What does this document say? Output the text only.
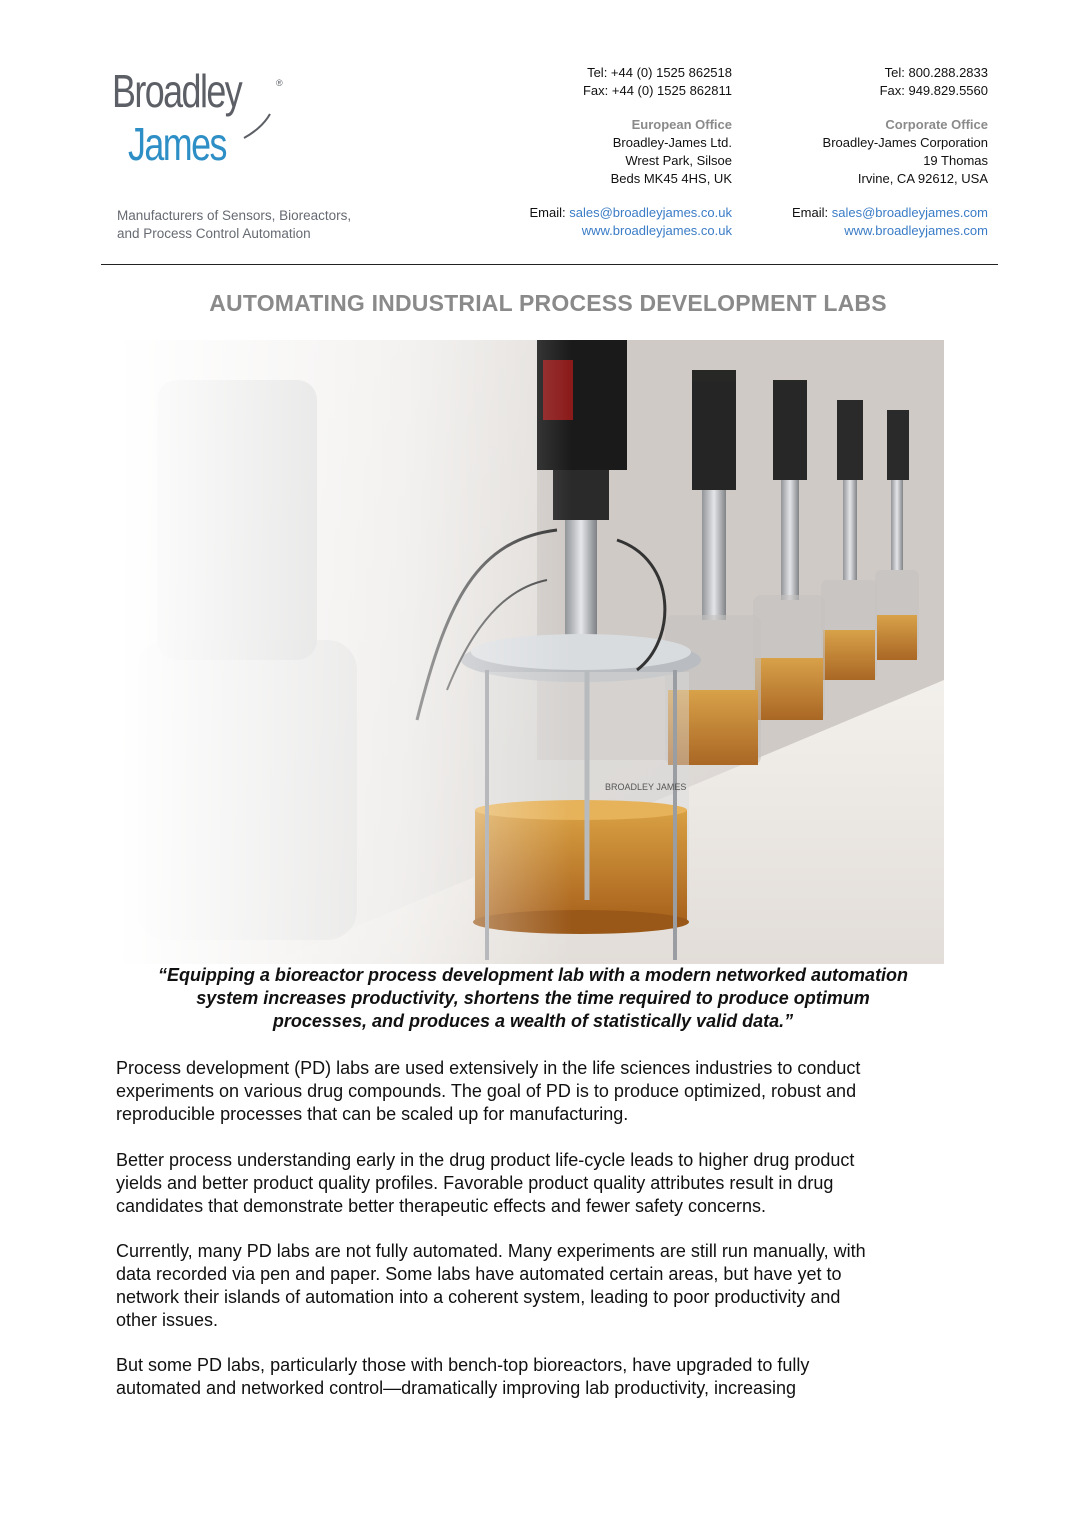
Broadley
James
®
Manufacturers of Sensors, Bioreactors,
and Process Control Automation
Tel: +44 (0) 1525 862518
Fax: +44 (0) 1525 862811
European Office
Broadley-James Ltd.
Wrest Park, Silsoe
Beds MK45 4HS, UK
Email: sales@broadleyjames.co.uk
www.broadleyjames.co.uk
Tel: 800.288.2833
Fax: 949.829.5560
Corporate Office
Broadley-James Corporation
19 Thomas
Irvine, CA 92612, USA
Email: sales@broadleyjames.com
www.broadleyjames.com
AUTOMATING INDUSTRIAL PROCESS DEVELOPMENT LABS
“Equipping a bioreactor process development lab with a modern networked automation
system increases productivity, shortens the time required to produce optimum
processes, and produces a wealth of statistically valid data.”

Process development (PD) labs are used extensively in the life sciences industries to conduct

experiments on various drug compounds. The goal of PD is to produce optimized, robust and

reproducible processes that can be scaled up for manufacturing.

Better process understanding early in the drug product life-cycle leads to higher drug product

yields and better product quality profiles. Favorable product quality attributes result in drug

candidates that demonstrate better therapeutic effects and fewer safety concerns.

Currently, many PD labs are not fully automated. Many experiments are still run manually, with

data recorded via pen and paper. Some labs have automated certain areas, but have yet to

network their islands of automation into a coherent system, leading to poor productivity and

other issues.

But some PD labs, particularly those with bench-top bioreactors, have upgraded to fully

automated and networked control—dramatically improving lab productivity, increasing
